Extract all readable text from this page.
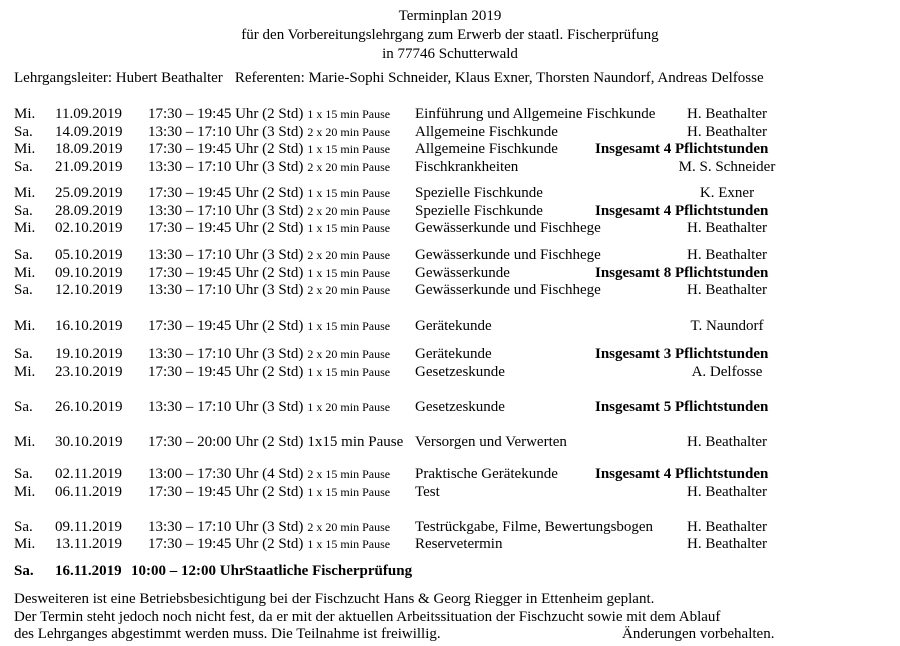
Terminplan 2019
für den Vorbereitungslehrgang zum Erwerb der staatl. Fischerprüfung
in 77746 Schutterwald
Lehrgangsleiter: Hubert Beathalter Referenten: Marie-Sophi Schneider, Klaus Exner, Thorsten Naundorf, Andreas Delfosse
Mi. 11.09.2019 17:30 – 19:45 Uhr (2 Std) 1 x 15 min Pause Einführung und Allgemeine Fischkunde	H. Beathalter
Sa. 14.09.2019 13:30 – 17:10 Uhr (3 Std) 2 x 20 min Pause Allgemeine Fischkunde	H. Beathalter
Mi. 18.09.2019 17:30 – 19:45 Uhr (2 Std) 1 x 15 min Pause Allgemeine Fischkunde Insgesamt 4 Pflichtstunden
Sa. 21.09.2019 13:30 – 17:10 Uhr (3 Std) 2 x 20 min Pause Fischkrankheiten	M. S. Schneider
Mi. 25.09.2019 17:30 – 19:45 Uhr (2 Std) 1 x 15 min Pause Spezielle Fischkunde	K. Exner
Sa. 28.09.2019 13:30 – 17:10 Uhr (3 Std) 2 x 20 min Pause Spezielle Fischkunde	Insgesamt 4 Pflichtstunden
Mi. 02.10.2019 17:30 – 19:45 Uhr (2 Std) 1 x 15 min Pause Gewässerkunde und Fischhege	H. Beathalter
Sa. 05.10.2019 13:30 – 17:10 Uhr (3 Std) 2 x 20 min Pause Gewässerkunde und Fischhege	H. Beathalter
Mi. 09.10.2019 17:30 – 19:45 Uhr (2 Std) 1 x 15 min Pause Gewässerkunde	Insgesamt 8 Pflichtstunden
Sa. 12.10.2019 13:30 – 17:10 Uhr (3 Std) 2 x 20 min Pause Gewässerkunde und Fischhege	H. Beathalter
Mi. 16.10.2019 17:30 – 19:45 Uhr (2 Std) 1 x 15 min Pause Gerätekunde	T. Naundorf
Sa. 19.10.2019 13:30 – 17:10 Uhr (3 Std) 2 x 20 min Pause Gerätekunde	Insgesamt 3 Pflichtstunden
Mi. 23.10.2019 17:30 – 19:45 Uhr (2 Std) 1 x 15 min Pause Gesetzeskunde	A. Delfosse
Sa. 26.10.2019 13:30 – 17:10 Uhr (3 Std) 1 x 20 min Pause Gesetzeskunde	Insgesamt 5 Pflichtstunden
Mi. 30.10.2019 17:30 – 20:00 Uhr (2 Std) 1x15 min Pause Versorgen und Verwerten	H. Beathalter
Sa. 02.11.2019 13:00 – 17:30 Uhr (4 Std) 2 x 15 min Pause Praktische Gerätekunde Insgesamt 4 Pflichtstunden
Mi. 06.11.2019 17:30 – 19:45 Uhr (2 Std) 1 x 15 min Pause Test	H. Beathalter
Sa. 09.11.2019 13:30 – 17:10 Uhr (3 Std) 2 x 20 min Pause Testrückgabe, Filme, Bewertungsbogen	H. Beathalter
Mi. 13.11.2019 17:30 – 19:45 Uhr (2 Std) 1 x 15 min Pause Reservetermin	H. Beathalter
Sa. 16.11.2019 10:00 – 12:00 Uhr Staatliche Fischerprüfung
Desweiteren ist eine Betriebsbesichtigung bei der Fischzucht Hans & Georg Riegger in Ettenheim geplant.
Der Termin steht jedoch noch nicht fest, da er mit der aktuellen Arbeitssituation der Fischzucht sowie mit dem Ablauf
des Lehrganges abgestimmt werden muss. Die Teilnahme ist freiwillig.	Änderungen vorbehalten.
